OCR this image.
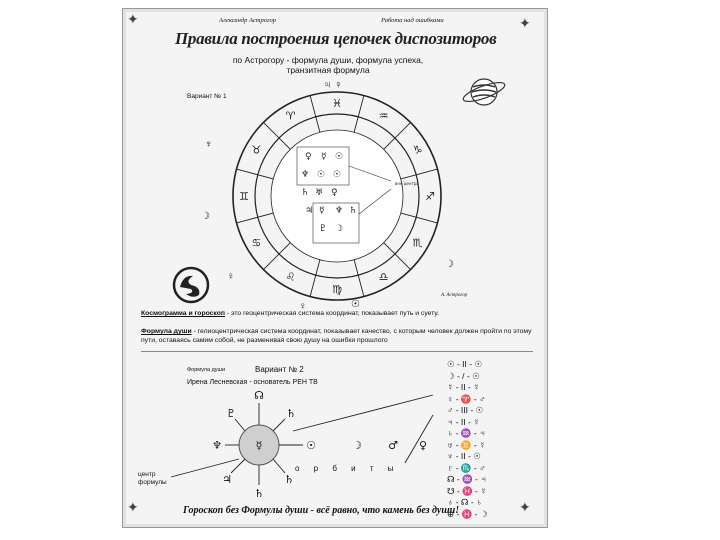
✦	✦
✦	✦
Александр Астрогор	Работа над ошибками
Правила построения цепочек диспозиторов
по Астрогору - формула души, формула успеха, транзитная формула
Вариант № 1
♒
♑
♐
♏
♎
♍
♌
♋
♊
♉
♈
♓
♀ ☿ ☉
♆ ☉ ☉
♄ ♅ ♀
♃ ☿ ♆ ♄
♇ ☽
вне центра
♃ ♀
♆
☽
☉
♀
♀
☽
А. Астрогор
Космограмма и гороскоп - это геоцентрическая система координат, показывает путь и суету.
Формула души - гелиоцентрическая система координат, показывает качество, с которым человек должен пройти по этому пути, оставаясь самим собой, не разменивая свою душу на ошибки прошлого
Формула души	Вариант № 2
Ирена Лесневская - основатель РЕН ТВ
☿
☊
☉
♆
♇	♄
♃	♄
♄
☽ ♂ ♀
о р б и т ы
центр
формулы
☉ - II - ☉
☽ - / - ☉
☿ - II - ☿
♀ - ♈ - ♂
♂ - III - ☉
♃ - II - ☿
♄ - ♒ - ♃
♅ - ♊ - ☿
♆ - II - ☉
♇ - ♏ - ♂
☊ - ♒ - ♃
☋ - ♓ - ☿
♁ - ☊ - ♄
⊕ - ♓ - ☽
Гороскоп без Формулы души - всё равно, что камень без души!
